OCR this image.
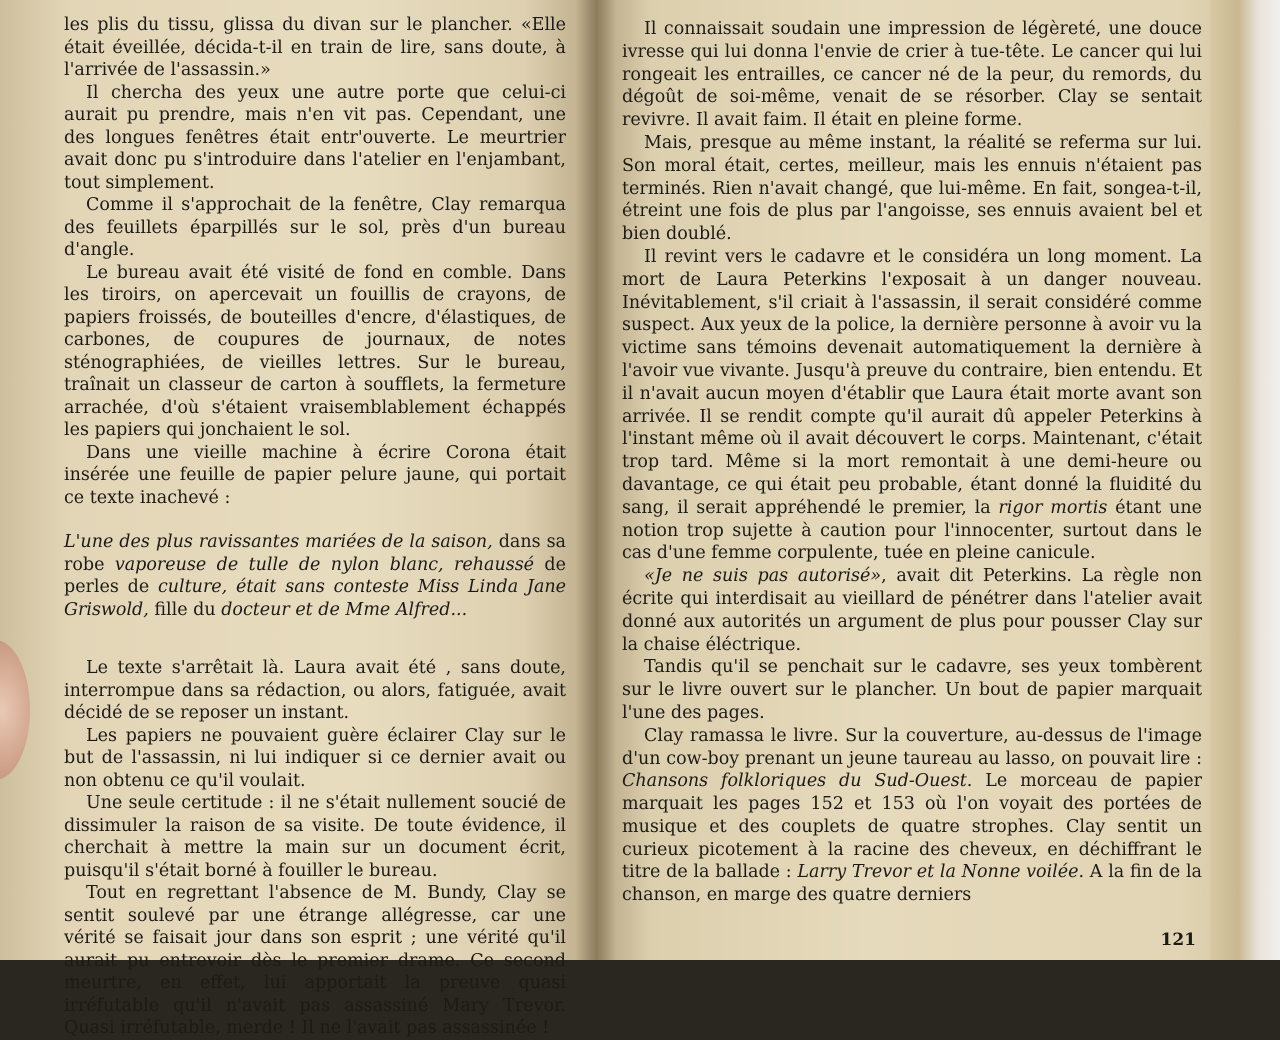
les plis du tissu, glissa du divan sur le plancher. «Elle était éveillée, décida-t-il en train de lire, sans doute, à l'arrivée de l'assassin.»

Il chercha des yeux une autre porte que celui-ci aurait pu prendre, mais n'en vit pas. Cependant, une des longues fenêtres était entr'ouverte. Le meurtrier avait donc pu s'introduire dans l'atelier en l'enjambant, tout simplement.

Comme il s'approchait de la fenêtre, Clay remarqua des feuillets éparpillés sur le sol, près d'un bureau d'angle.

Le bureau avait été visité de fond en comble. Dans les tiroirs, on apercevait un fouillis de crayons, de papiers froissés, de bouteilles d'encre, d'élastiques, de carbones, de coupures de journaux, de notes sténographiées, de vieilles lettres. Sur le bureau, traînait un classeur de carton à soufflets, la fermeture arrachée, d'où s'étaient vraisemblablement échappés les papiers qui jonchaient le sol.

Dans une vieille machine à écrire Corona était insérée une feuille de papier pelure jaune, qui portait ce texte inachevé :

L'une des plus ravissantes mariées de la saison, dans sa robe vaporeuse de tulle de nylon blanc, rehaussé de perles de culture, était sans conteste Miss Linda Jane Griswold, fille du docteur et de Mme Alfred...

Le texte s'arrêtait là. Laura avait été , sans doute, interrompue dans sa rédaction, ou alors, fatiguée, avait décidé de se reposer un instant.

Les papiers ne pouvaient guère éclairer Clay sur le but de l'assassin, ni lui indiquer si ce dernier avait ou non obtenu ce qu'il voulait.

Une seule certitude : il ne s'était nullement soucié de dissimuler la raison de sa visite. De toute évidence, il cherchait à mettre la main sur un document écrit, puisqu'il s'était borné à fouiller le bureau.

Tout en regrettant l'absence de M. Bundy, Clay se sentit soulevé par une étrange allégresse, car une vérité se faisait jour dans son esprit ; une vérité qu'il aurait pu entrevoir dès le premier drame. Ce second meurtre, en effet, lui apportait la preuve quasi irréfutable qu'il n'avait pas assassiné Mary Trevor. Quasi irréfutable, merde ! Il ne l'avait pas assassinée !

Il connaissait soudain une impression de légèreté, une douce ivresse qui lui donna l'envie de crier à tue-tête. Le cancer qui lui rongeait les entrailles, ce cancer né de la peur, du remords, du dégoût de soi-même, venait de se résorber. Clay se sentait revivre. Il avait faim. Il était en pleine forme.

Mais, presque au même instant, la réalité se referma sur lui. Son moral était, certes, meilleur, mais les ennuis n'étaient pas terminés. Rien n'avait changé, que lui-même. En fait, songea-t-il, étreint une fois de plus par l'angoisse, ses ennuis avaient bel et bien doublé.

Il revint vers le cadavre et le considéra un long moment. La mort de Laura Peterkins l'exposait à un danger nouveau. Inévitablement, s'il criait à l'assassin, il serait considéré comme suspect. Aux yeux de la police, la dernière personne à avoir vu la victime sans témoins devenait automatiquement la dernière à l'avoir vue vivante. Jusqu'à preuve du contraire, bien entendu. Et il n'avait aucun moyen d'établir que Laura était morte avant son arrivée. Il se rendit compte qu'il aurait dû appeler Peterkins à l'instant même où il avait découvert le corps. Maintenant, c'était trop tard. Même si la mort remontait à une demi-heure ou davantage, ce qui était peu probable, étant donné la fluidité du sang, il serait appréhendé le premier, la rigor mortis étant une notion trop sujette à caution pour l'innocenter, surtout dans le cas d'une femme corpulente, tuée en pleine canicule.

«Je ne suis pas autorisé», avait dit Peterkins. La règle non écrite qui interdisait au vieillard de pénétrer dans l'atelier avait donné aux autorités un argument de plus pour pousser Clay sur la chaise éléctrique.

Tandis qu'il se penchait sur le cadavre, ses yeux tombèrent sur le livre ouvert sur le plancher. Un bout de papier marquait l'une des pages.

Clay ramassa le livre. Sur la couverture, au-dessus de l'image d'un cow-boy prenant un jeune taureau au lasso, on pouvait lire : Chansons folkloriques du Sud-Ouest. Le morceau de papier marquait les pages 152 et 153 où l'on voyait des portées de musique et des couplets de quatre strophes. Clay sentit un curieux picotement à la racine des cheveux, en déchiffrant le titre de la ballade : Larry Trevor et la Nonne voilée. A la fin de la chanson, en marge des quatre derniers

121
